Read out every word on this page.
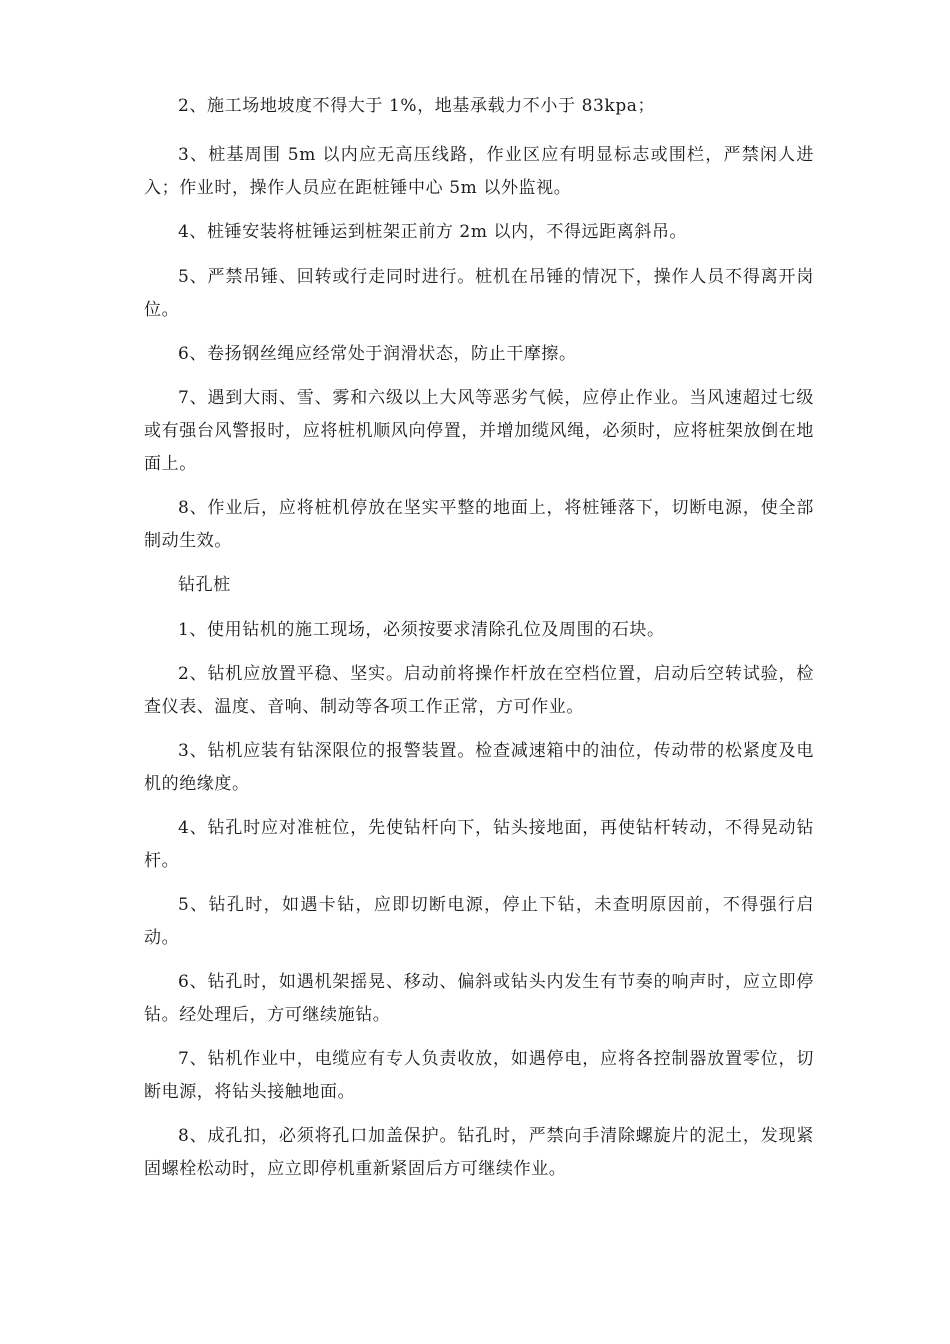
2、施工场地坡度不得大于 1%，地基承载力不小于 83kpa；

3、桩基周围 5m 以内应无高压线路，作业区应有明显标志或围栏，严禁闲人进入；作业时，操作人员应在距桩锤中心 5m 以外监视。

4、桩锤安装将桩锤运到桩架正前方 2m 以内，不得远距离斜吊。

5、严禁吊锤、回转或行走同时进行。桩机在吊锤的情况下，操作人员不得离开岗位。

6、卷扬钢丝绳应经常处于润滑状态，防止干摩擦。

7、遇到大雨、雪、雾和六级以上大风等恶劣气候，应停止作业。当风速超过七级或有强台风警报时，应将桩机顺风向停置，并增加缆风绳，必须时，应将桩架放倒在地面上。

8、作业后，应将桩机停放在坚实平整的地面上，将桩锤落下，切断电源，使全部制动生效。

钻孔桩

1、使用钻机的施工现场，必须按要求清除孔位及周围的石块。

2、钻机应放置平稳、坚实。启动前将操作杆放在空档位置，启动后空转试验，检查仪表、温度、音响、制动等各项工作正常，方可作业。

3、钻机应装有钻深限位的报警装置。检查减速箱中的油位，传动带的松紧度及电机的绝缘度。

4、钻孔时应对准桩位，先使钻杆向下，钻头接地面，再使钻杆转动，不得晃动钻杆。

5、钻孔时，如遇卡钻，应即切断电源，停止下钻，未查明原因前，不得强行启动。

6、钻孔时，如遇机架摇晃、移动、偏斜或钻头内发生有节奏的响声时，应立即停钻。经处理后，方可继续施钻。

7、钻机作业中，电缆应有专人负责收放，如遇停电，应将各控制器放置零位，切断电源，将钻头接触地面。

8、成孔扣，必须将孔口加盖保护。钻孔时，严禁向手清除螺旋片的泥土，发现紧固螺栓松动时，应立即停机重新紧固后方可继续作业。
